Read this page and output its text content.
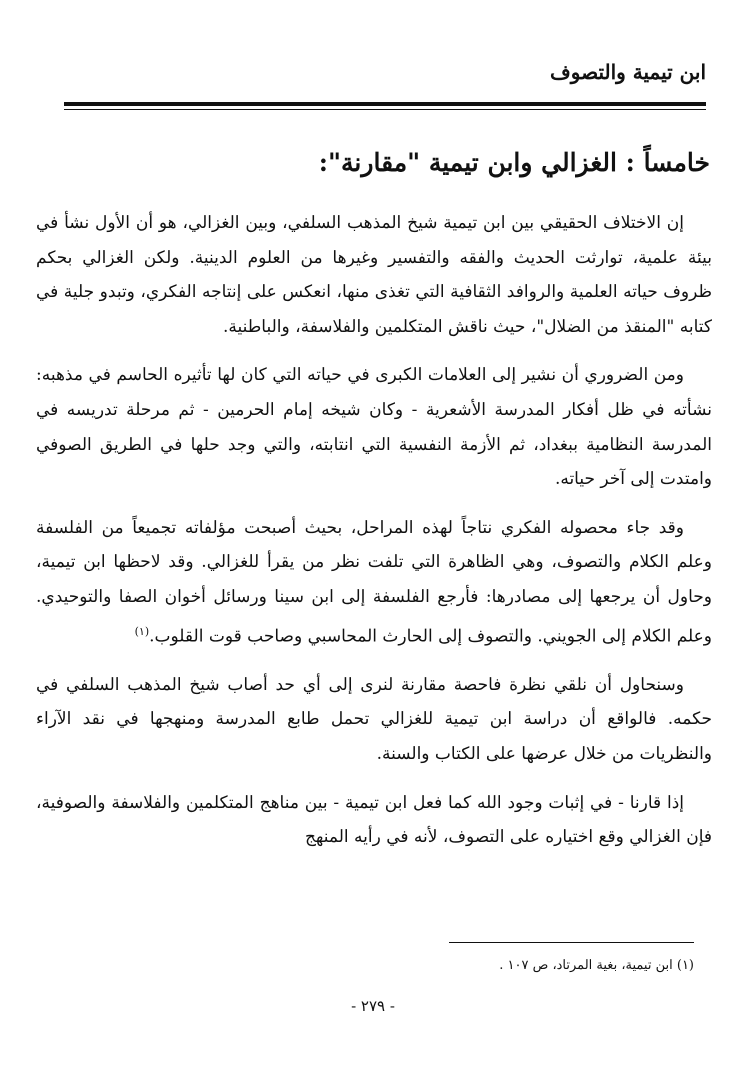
ابن تيمية والتصوف
خامساً : الغزالي وابن تيمية "مقارنة":

إن الاختلاف الحقيقي بين ابن تيمية شيخ المذهب السلفي، وبين الغزالي، هو أن الأول نشأ في بيئة علمية، توارثت الحديث والفقه والتفسير وغيرها من العلوم الدينية. ولكن الغزالي بحكم ظروف حياته العلمية والروافد الثقافية التي تغذى منها، انعكس على إنتاجه الفكري، وتبدو جلية في كتابه "المنقذ من الضلال"، حيث ناقش المتكلمين والفلاسفة، والباطنية.

ومن الضروري أن نشير إلى العلامات الكبرى في حياته التي كان لها تأثيره الحاسم في مذهبه: نشأته في ظل أفكار المدرسة الأشعرية - وكان شيخه إمام الحرمين - ثم مرحلة تدريسه في المدرسة النظامية ببغداد، ثم الأزمة النفسية التي انتابته، والتي وجد حلها في الطريق الصوفي وامتدت إلى آخر حياته.

وقد جاء محصوله الفكري نتاجاً لهذه المراحل، بحيث أصبحت مؤلفاته تجميعاً من الفلسفة وعلم الكلام والتصوف، وهي الظاهرة التي تلفت نظر من يقرأ للغزالي. وقد لاحظها ابن تيمية، وحاول أن يرجعها إلى مصادرها: فأرجع الفلسفة إلى ابن سينا ورسائل أخوان الصفا والتوحيدي. وعلم الكلام إلى الجويني. والتصوف إلى الحارث المحاسبي وصاحب قوت القلوب.$^{(١)}$

وسنحاول أن نلقي نظرة فاحصة مقارنة لنرى إلى أي حد أصاب شيخ المذهب السلفي في حكمه. فالواقع أن دراسة ابن تيمية للغزالي تحمل طابع المدرسة ومنهجها في نقد الآراء والنظريات من خلال عرضها على الكتاب والسنة.

إذا قارنا - في إثبات وجود الله كما فعل ابن تيمية - بين مناهج المتكلمين والفلاسفة والصوفية، فإن الغزالي وقع اختياره على التصوف، لأنه في رأيه المنهج

(١) ابن تيمية، بغية المرتاد، ص ١٠٧ .
- ٢٧٩ -
